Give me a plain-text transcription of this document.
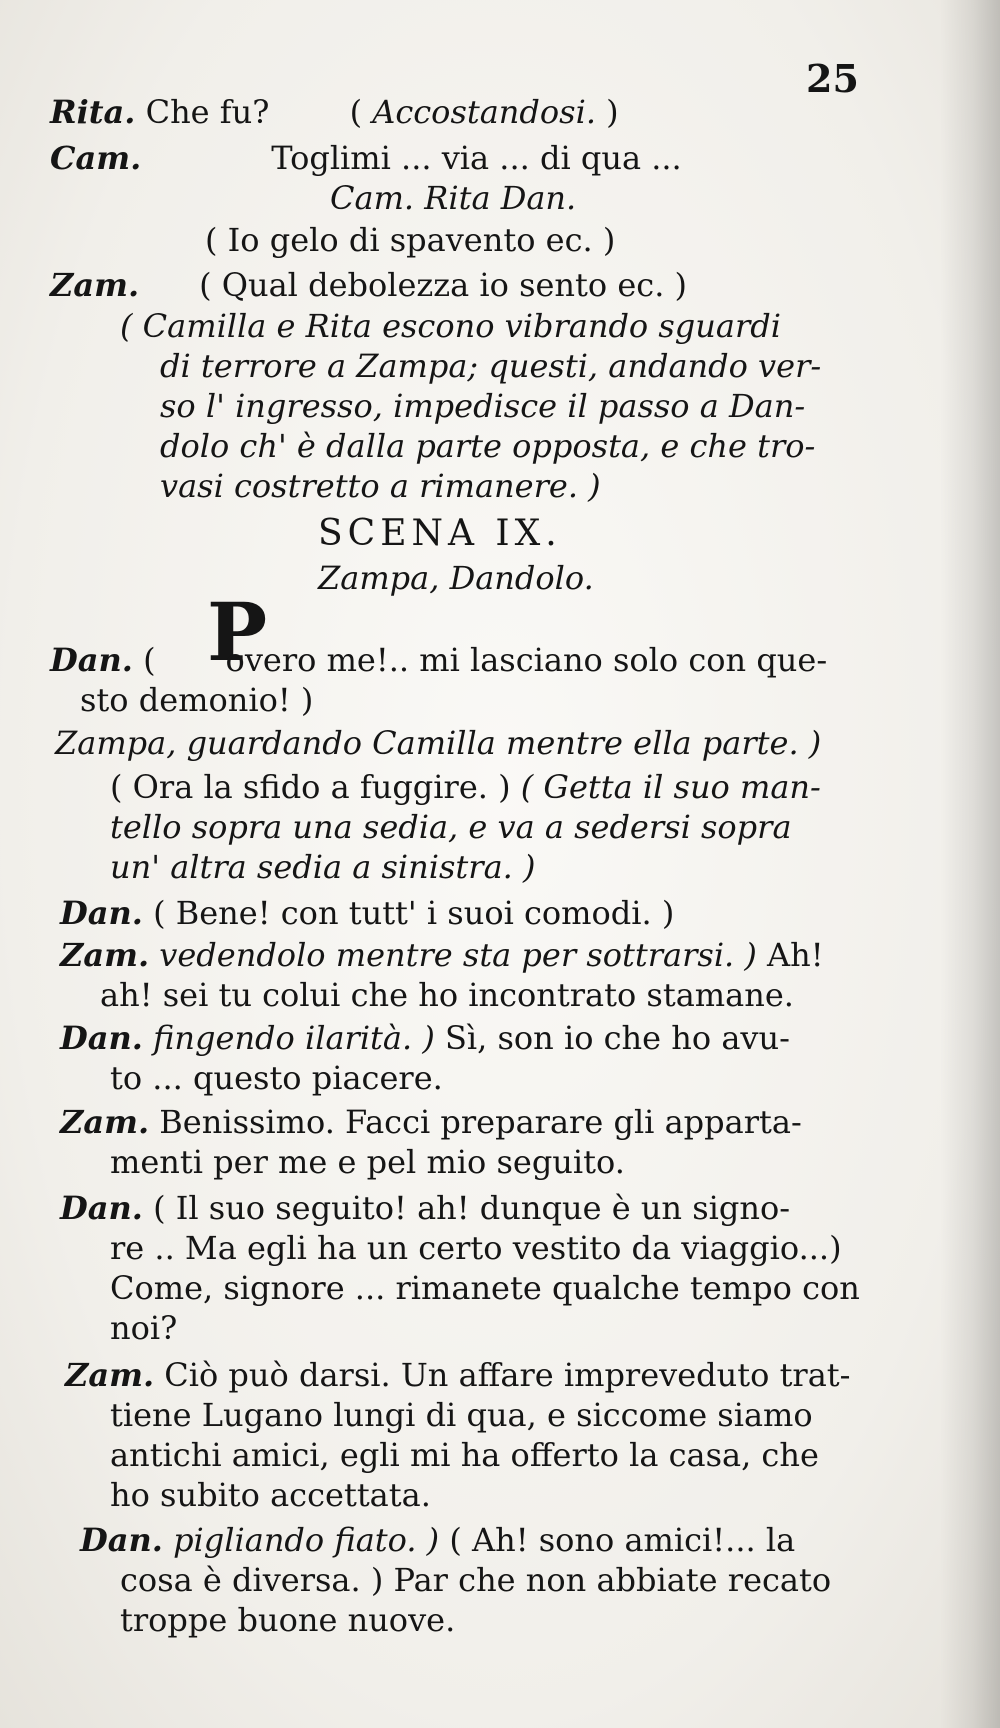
25
Rita. Che fu? ( Accostandosi. )
Cam.	Toglimi ... via ... di qua ...
Cam. Rita Dan.
( Io gelo di spavento ec. )
Zam. ( Qual debolezza io sento ec. )
( Camilla e Rita escono vibrando sguardi
di terrore a Zampa; questi, andando ver-
so l' ingresso, impedisce il passo a Dan-
dolo ch' è dalla parte opposta, e che tro-
vasi costretto a rimanere. )
SCENA IX.
Zampa, Dandolo.
P
Dan. ( overo me!.. mi lasciano solo con que-
sto demonio! )
Zampa, guardando Camilla mentre ella parte. )
( Ora la sfido a fuggire. ) ( Getta il suo man-
tello sopra una sedia, e va a sedersi sopra
un' altra sedia a sinistra. )
Dan. ( Bene! con tutt' i suoi comodi. )
Zam. vedendolo mentre sta per sottrarsi. ) Ah!
ah! sei tu colui che ho incontrato stamane.
Dan. fingendo ilarità. ) Sì, son io che ho avu-
to ... questo piacere.
Zam. Benissimo. Facci preparare gli apparta-
menti per me e pel mio seguito.
Dan. ( Il suo seguito! ah! dunque è un signo-
re .. Ma egli ha un certo vestito da viaggio...)
Come, signore ... rimanete qualche tempo con
noi?
Zam. Ciò può darsi. Un affare impreveduto trat-
tiene Lugano lungi di qua, e siccome siamo
antichi amici, egli mi ha offerto la casa, che
ho subito accettata.
Dan. pigliando fiato. ) ( Ah! sono amici!... la
cosa è diversa. ) Par che non abbiate recato
troppe buone nuove.
